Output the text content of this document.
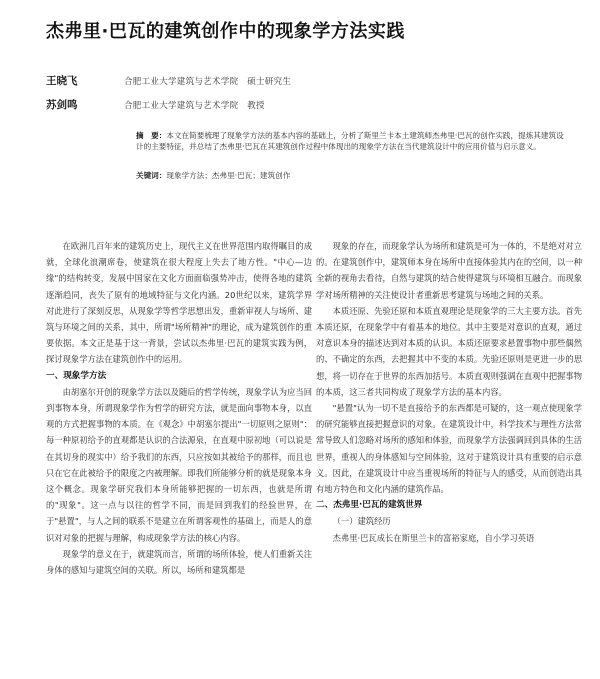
杰弗里·巴瓦的建筑创作中的现象学方法实践
王晓飞	合肥工业大学建筑与艺术学院　硕士研究生
苏剑鸣	合肥工业大学建筑与艺术学院　教授
摘　要：本文在简要梳理了现象学方法的基本内容的基础上，分析了斯里兰卡本土建筑师杰弗里·巴瓦的创作实践，提炼其建筑设计的主要特征，并总结了杰弗里·巴瓦在其建筑创作过程中体现出的现象学方法在当代建筑设计中的应用价值与启示意义。
关键词：现象学方法；杰弗里·巴瓦；建筑创作

在欧洲几百年来的建筑历史上，现代主义在世界范围内取得瞩目的成就，全球化浪潮席卷，使建筑在很大程度上失去了地方性。"中心—边缘"的结构转变，发展中国家在文化方面面临强势冲击，使得各地的建筑逐渐趋同，丧失了原有的地域特征与文化内涵。20世纪以来，建筑学界对此进行了深刻反思，从现象学等哲学思想出发，重新审视人与场所、建筑与环境之间的关系，其中，所谓"场所精神"的理论，成为建筑创作的重要依据。本文正是基于这一背景，尝试以杰弗里·巴瓦的建筑实践为例，探讨现象学方法在建筑创作中的运用。

一、现象学方法

由胡塞尔开创的现象学方法以及随后的哲学传统，现象学认为应当回到事物本身，所谓现象学作为哲学的研究方法，就是面向事物本身，以直观的方式把握事物的本质。在《观念》中胡塞尔提出"一切原则之原则"：每一种原初给予的直观都是认识的合法源泉，在直观中原初地（可以说是在其切身的现实中）给予我们的东西，只应按如其被给予的那样，而且也只在它在此被给予的限度之内被理解。即我们所能够分析的就是现象本身这个概念。现象学研究我们本身所能够把握的一切东西，也就是所谓的"现象"。这一点与以往的哲学不同，而是回到我们的经验世界，在于"悬置"，与人之间的联系不是建立在所谓客观性的基础上，而是人的意识对对象的把握与理解，构成现象学方法的核心内容。

现象学的意义在于，就建筑而言，所谓的场所体验，使人们重新关注身体的感知与建筑空间的关联。所以，场所和建筑都是

现象的存在，而现象学认为场所和建筑是可为一体的，不是绝对对立的。在建筑创作中，建筑师本身在场所中直接体验其内在的空间，以一种全新的视角去看待，自然与建筑的结合使得建筑与环境相互融合。而现象学对场所精神的关注使设计者重新思考建筑与场地之间的关系。

本质还原、先验还原和本质直观理论是现象学的三大主要方法。首先本质还原，在现象学中有着基本的地位。其中主要是对意识的直观，通过对意识本身的描述达到对本质的认识。本质还原要求悬置事物中那些偶然的、不确定的东西，去把握其中不变的本质。先验还原则是更进一步的思想，将一切存在于世界的东西加括号。本质直观则强调在直观中把握事物的本质，这三者共同构成了现象学方法的基本内容。

"悬置"认为一切不是直接给予的东西都是可疑的，这一观点使现象学的研究能够直接把握意识的对象。在建筑设计中，科学技术与理性方法常常导致人们忽略对场所的感知和体验，而现象学方法强调回到具体的生活世界，重视人的身体感知与空间体验，这对于建筑设计具有重要的启示意义。因此，在建筑设计中应当重视场所的特征与人的感受，从而创造出具有地方特色和文化内涵的建筑作品。

二、杰弗里·巴瓦的建筑世界

（一）建筑经历

杰弗里·巴瓦成长在斯里兰卡的富裕家庭，自小学习英语
